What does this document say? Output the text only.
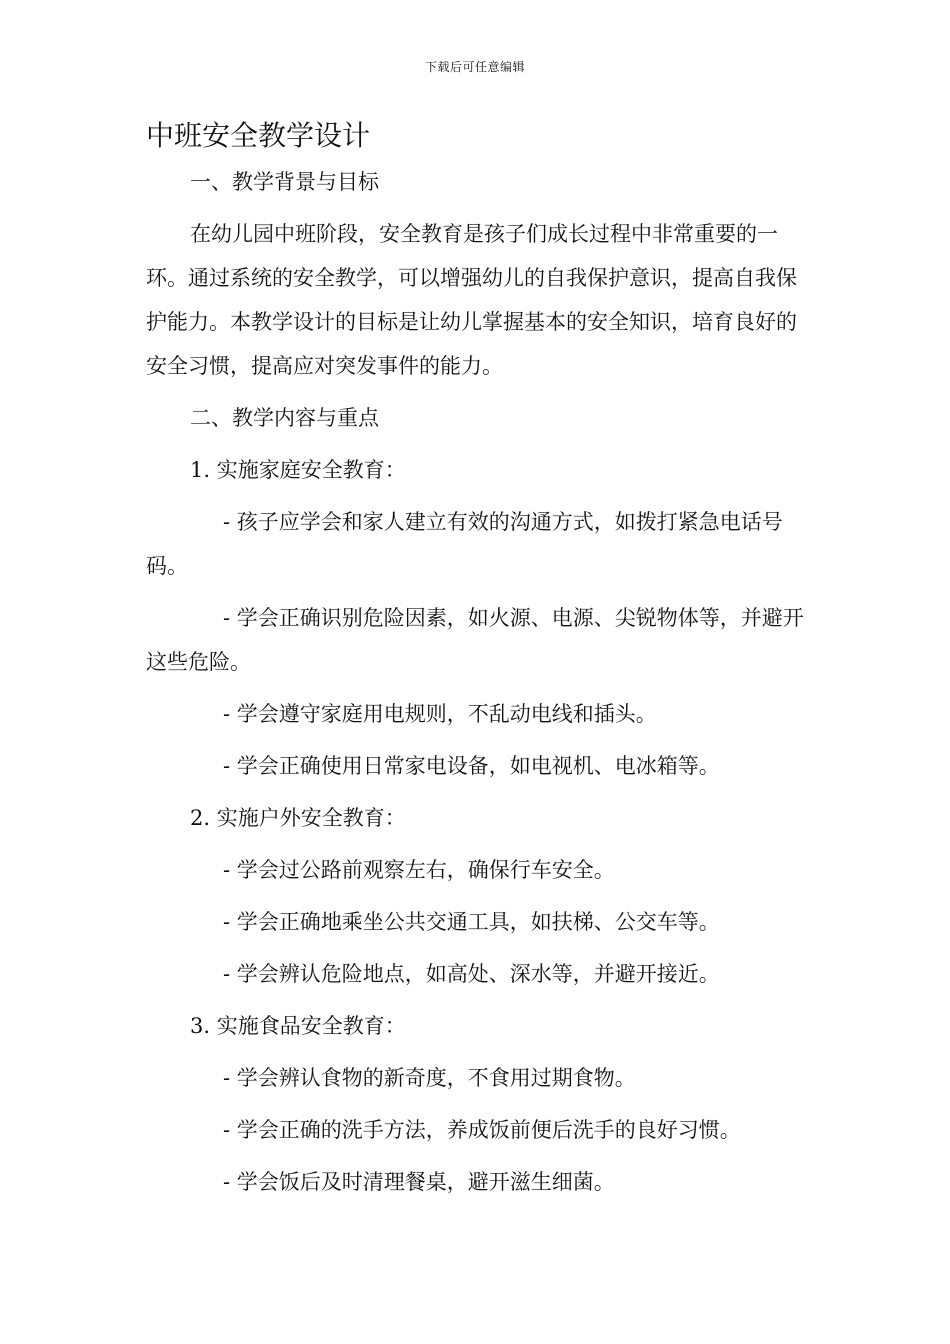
下载后可任意编辑
中班安全教学设计

一、教学背景与目标

在幼儿园中班阶段，安全教育是孩子们成长过程中非常重要的一环。通过系统的安全教学，可以增强幼儿的自我保护意识，提高自我保护能力。本教学设计的目标是让幼儿掌握基本的安全知识，培育良好的安全习惯，提高应对突发事件的能力。

二、教学内容与重点

1. 实施家庭安全教育：

- 孩子应学会和家人建立有效的沟通方式，如拨打紧急电话号码。

- 学会正确识别危险因素，如火源、电源、尖锐物体等，并避开这些危险。

- 学会遵守家庭用电规则，不乱动电线和插头。

- 学会正确使用日常家电设备，如电视机、电冰箱等。

2. 实施户外安全教育：

- 学会过公路前观察左右，确保行车安全。

- 学会正确地乘坐公共交通工具，如扶梯、公交车等。

- 学会辨认危险地点，如高处、深水等，并避开接近。

3. 实施食品安全教育：

- 学会辨认食物的新奇度，不食用过期食物。

- 学会正确的洗手方法，养成饭前便后洗手的良好习惯。

- 学会饭后及时清理餐桌，避开滋生细菌。
